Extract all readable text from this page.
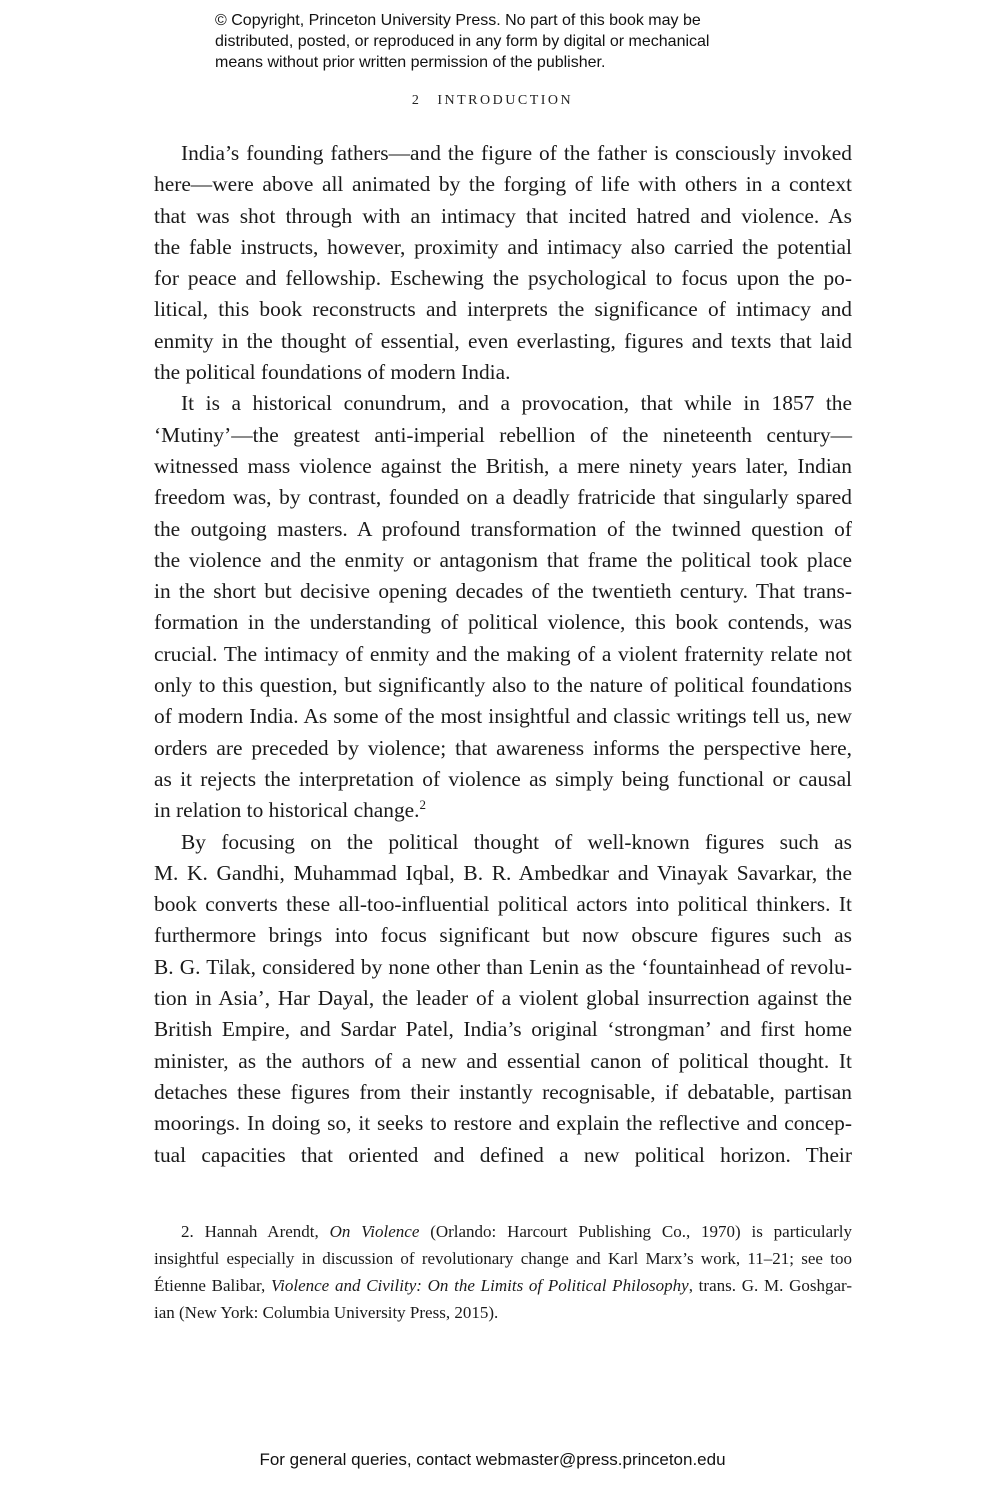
© Copyright, Princeton University Press. No part of this book may be
distributed, posted, or reproduced in any form by digital or mechanical
means without prior written permission of the publisher.
2 INTRODUCTION
India’s founding fathers—and the figure of the father is consciously invoked
here—were above all animated by the forging of life with others in a context
that was shot through with an intimacy that incited hatred and violence. As
the fable instructs, however, proximity and intimacy also carried the potential
for peace and fellowship. Eschewing the psychological to focus upon the po-
litical, this book reconstructs and interprets the significance of intimacy and
enmity in the thought of essential, even everlasting, figures and texts that laid
the political foundations of modern India.
It is a historical conundrum, and a provocation, that while in 1857 the
‘Mutiny’—the greatest anti-imperial rebellion of the nineteenth century—
witnessed mass violence against the British, a mere ninety years later, Indian
freedom was, by contrast, founded on a deadly fratricide that singularly spared
the outgoing masters. A profound transformation of the twinned question of
the violence and the enmity or antagonism that frame the political took place
in the short but decisive opening decades of the twentieth century. That trans-
formation in the understanding of political violence, this book contends, was
crucial. The intimacy of enmity and the making of a violent fraternity relate not
only to this question, but significantly also to the nature of political foundations
of modern India. As some of the most insightful and classic writings tell us, new
orders are preceded by violence; that awareness informs the perspective here,
as it rejects the interpretation of violence as simply being functional or causal
in relation to historical change.$^2$
By focusing on the political thought of well-known figures such as
M. K. Gandhi, Muhammad Iqbal, B. R. Ambedkar and Vinayak Savarkar, the
book converts these all-too-influential political actors into political thinkers. It
furthermore brings into focus significant but now obscure figures such as
B. G. Tilak, considered by none other than Lenin as the ‘fountainhead of revolu-
tion in Asia’, Har Dayal, the leader of a violent global insurrection against the
British Empire, and Sardar Patel, India’s original ‘strongman’ and first home
minister, as the authors of a new and essential canon of political thought. It
detaches these figures from their instantly recognisable, if debatable, partisan
moorings. In doing so, it seeks to restore and explain the reflective and concep-
tual capacities that oriented and defined a new political horizon. Their
2. Hannah Arendt, On Violence (Orlando: Harcourt Publishing Co., 1970) is particularly
insightful especially in discussion of revolutionary change and Karl Marx’s work, 11–21; see too
Étienne Balibar, Violence and Civility: On the Limits of Political Philosophy, trans. G. M. Goshgar-
ian (New York: Columbia University Press, 2015).
For general queries, contact webmaster@press.princeton.edu
